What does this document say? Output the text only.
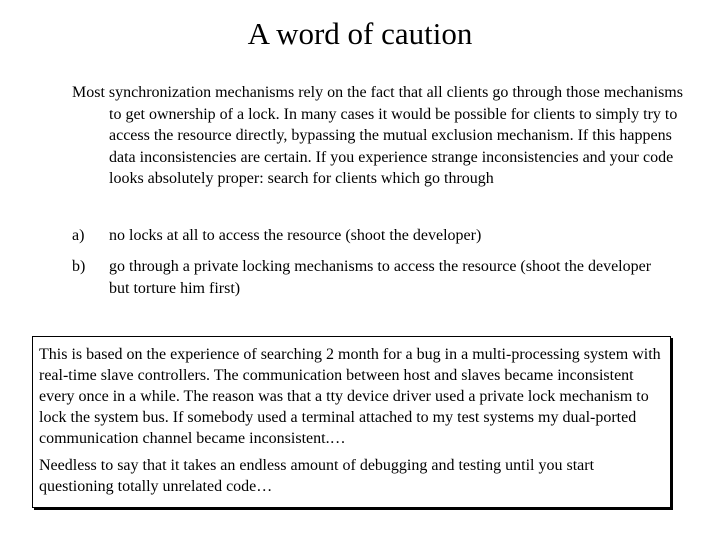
A word of caution
Most synchronization mechanisms rely on the fact that all clients go through those mechanisms to get ownership of a lock. In many cases it would be possible for clients to simply try to access the resource directly, bypassing the mutual exclusion mechanism. If this happens data inconsistencies are certain. If you experience strange inconsistencies and your code looks absolutely proper: search for clients which go through
a) no locks at all to access the resource (shoot the developer)
b) go through a private locking mechanisms to access the resource (shoot the developer but torture him first)

This is based on the experience of searching 2 month for a bug in a multi-processing system with real-time slave controllers. The communication between host and slaves became inconsistent every once in a while. The reason was that a tty device driver used a private lock mechanism to lock the system bus. If somebody used a terminal attached to my test systems my dual-ported communication channel became inconsistent.…

Needless to say that it takes an endless amount of debugging and testing until you start questioning totally unrelated code…
